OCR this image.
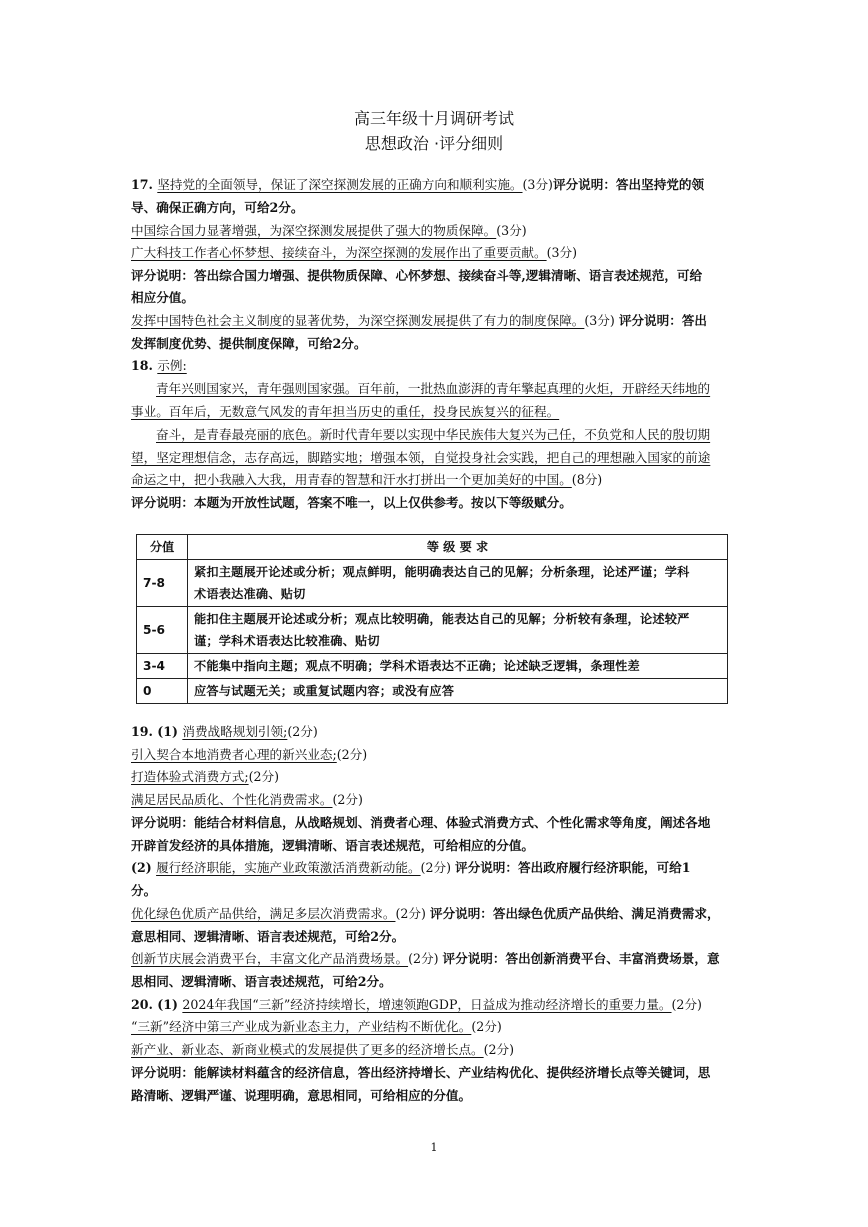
高三年级十月调研考试
思想政治 ·评分细则
17. 坚持党的全面领导，保证了深空探测发展的正确方向和顺利实施。(3分)评分说明：答出坚持党的领
导、确保正确方向，可给2分。
中国综合国力显著增强，为深空探测发展提供了强大的物质保障。(3分)
广大科技工作者心怀梦想、接续奋斗，为深空探测的发展作出了重要贡献。(3分)
评分说明：答出综合国力增强、提供物质保障、心怀梦想、接续奋斗等,逻辑清晰、语言表述规范，可给
相应分值。
发挥中国特色社会主义制度的显著优势，为深空探测发展提供了有力的制度保障。(3分) 评分说明：答出
发挥制度优势、提供制度保障，可给2分。
18. 示例:
青年兴则国家兴，青年强则国家强。百年前，一批热血澎湃的青年擎起真理的火炬，开辟经天纬地的
事业。百年后，无数意气风发的青年担当历史的重任，投身民族复兴的征程。
奋斗，是青春最亮丽的底色。新时代青年要以实现中华民族伟大复兴为己任，不负党和人民的殷切期
望，坚定理想信念，志存高远，脚踏实地；增强本领，自觉投身社会实践，把自己的理想融入国家的前途
命运之中，把小我融入大我，用青春的智慧和汗水打拼出一个更加美好的中国。(8分)
评分说明：本题为开放性试题，答案不唯一，以上仅供参考。按以下等级赋分。
分值	等 级 要 求
7-8	紧扣主题展开论述或分析；观点鲜明，能明确表达自己的见解；分析条理，论述严谨；学科
术语表达准确、贴切

5-6	能扣住主题展开论述或分析；观点比较明确，能表达自己的见解；分析较有条理，论述较严
谨；学科术语表达比较准确、贴切

3-4	不能集中指向主题；观点不明确；学科术语表达不正确；论述缺乏逻辑，条理性差
0	应答与试题无关；或重复试题内容；或没有应答
19. (1) 消费战略规划引领;(2分)
引入契合本地消费者心理的新兴业态;(2分)
打造体验式消费方式;(2分)
满足居民品质化、个性化消费需求。(2分)
评分说明：能结合材料信息，从战略规划、消费者心理、体验式消费方式、个性化需求等角度，阐述各地
开辟首发经济的具体措施，逻辑清晰、语言表述规范，可给相应的分值。
(2) 履行经济职能，实施产业政策激活消费新动能。(2分) 评分说明：答出政府履行经济职能，可给1
分。
优化绿色优质产品供给，满足多层次消费需求。(2分) 评分说明：答出绿色优质产品供给、满足消费需求，
意思相同、逻辑清晰、语言表述规范，可给2分。
创新节庆展会消费平台，丰富文化产品消费场景。(2分) 评分说明：答出创新消费平台、丰富消费场景，意
思相同、逻辑清晰、语言表述规范，可给2分。
20. (1) 2024年我国“三新”经济持续增长，增速领跑GDP，日益成为推动经济增长的重要力量。(2分)
“三新”经济中第三产业成为新业态主力，产业结构不断优化。(2分)
新产业、新业态、新商业模式的发展提供了更多的经济增长点。(2分)
评分说明：能解读材料蕴含的经济信息，答出经济持增长、产业结构优化、提供经济增长点等关键词，思
路清晰、逻辑严谨、说理明确，意思相同，可给相应的分值。
1
